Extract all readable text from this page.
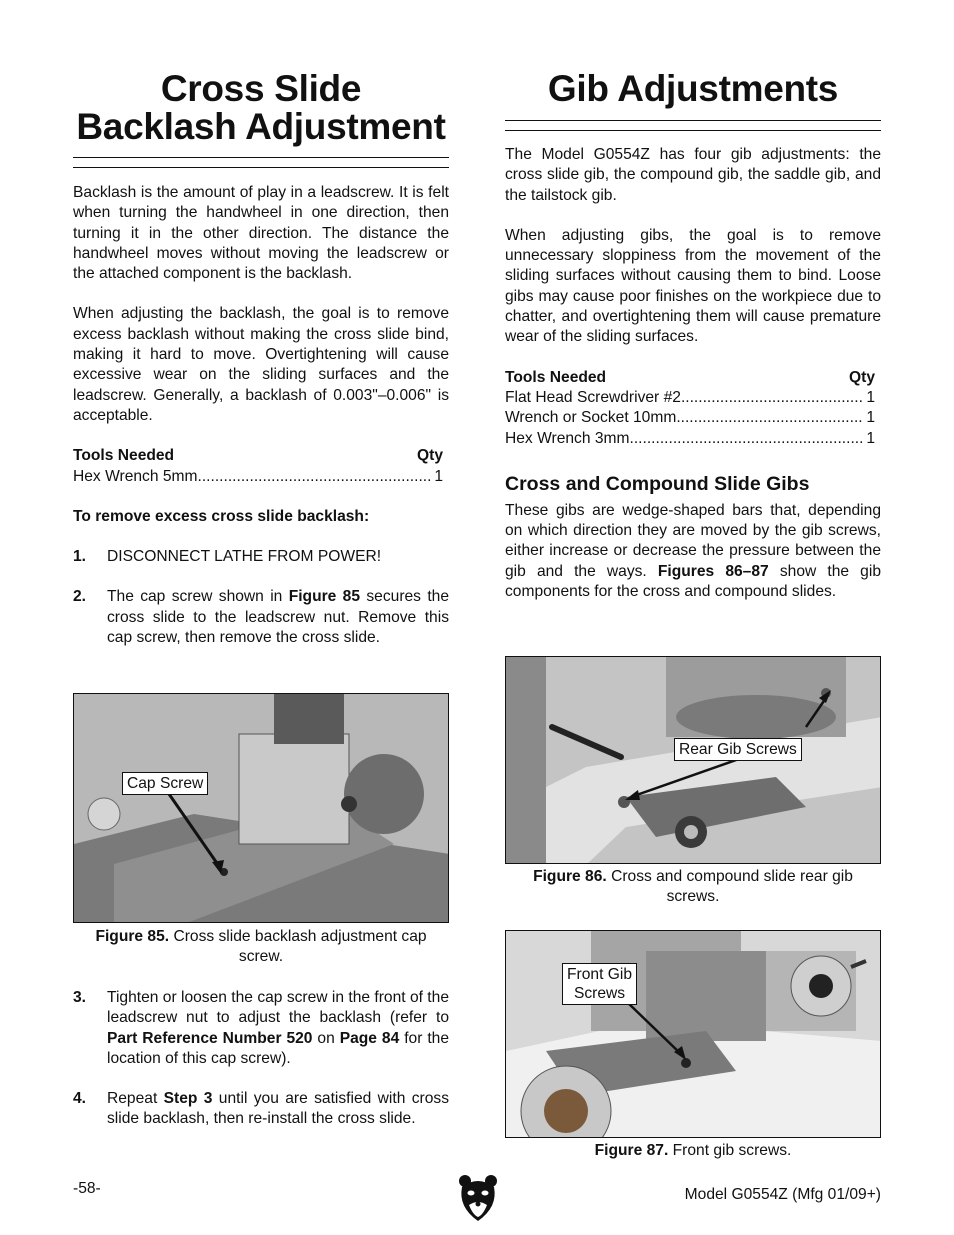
Cross Slide
Backlash Adjustment

Backlash is the amount of play in a leadscrew. It is felt when turning the handwheel in one direction, then turning it in the other direction. The distance the handwheel moves without moving the leadscrew or the attached component is the backlash.

When adjusting the backlash, the goal is to remove excess backlash without making the cross slide bind, making it hard to move. Overtightening will cause excessive wear on the sliding surfaces and the leadscrew. Generally, a backlash of 0.003"–0.006" is acceptable.

Tools Needed	Qty
Hex Wrench 5mm .....	1

To remove excess cross slide backlash:

1.	DISCONNECT LATHE FROM POWER!
2.	The cap screw shown in Figure 85 secures the cross slide to the leadscrew nut. Remove this cap screw, then remove the cross slide.
Cap Screw
Figure 85. Cross slide backlash adjustment cap screw.
3.	Tighten or loosen the cap screw in the front of the leadscrew nut to adjust the backlash (refer to Part Reference Number 520 on Page 84 for the location of this cap screw).
4.	Repeat Step 3 until you are satisfied with cross slide backlash, then re-install the cross slide.
Gib Adjustments

The Model G0554Z has four gib adjustments: the cross slide gib, the compound gib, the saddle gib, and the tailstock gib.

When adjusting gibs, the goal is to remove unnecessary sloppiness from the movement of the sliding surfaces without causing them to bind. Loose gibs may cause poor finishes on the workpiece due to chatter, and overtightening them will cause premature wear of the sliding surfaces.

Tools Needed	Qty
Flat Head Screwdriver #2 .....	1
Wrench or Socket 10mm .....	1
Hex Wrench 3mm .....	1

Cross and Compound Slide Gibs

These gibs are wedge-shaped bars that, depending on which direction they are moved by the gib screws, either increase or decrease the pressure between the gib and the ways. Figures 86–87 show the gib components for the cross and compound slides.

Rear Gib Screws
Figure 86. Cross and compound slide rear gib screws.
Front Gib
Screws
Figure 87. Front gib screws.
-58-	Model G0554Z (Mfg 01/09+)
